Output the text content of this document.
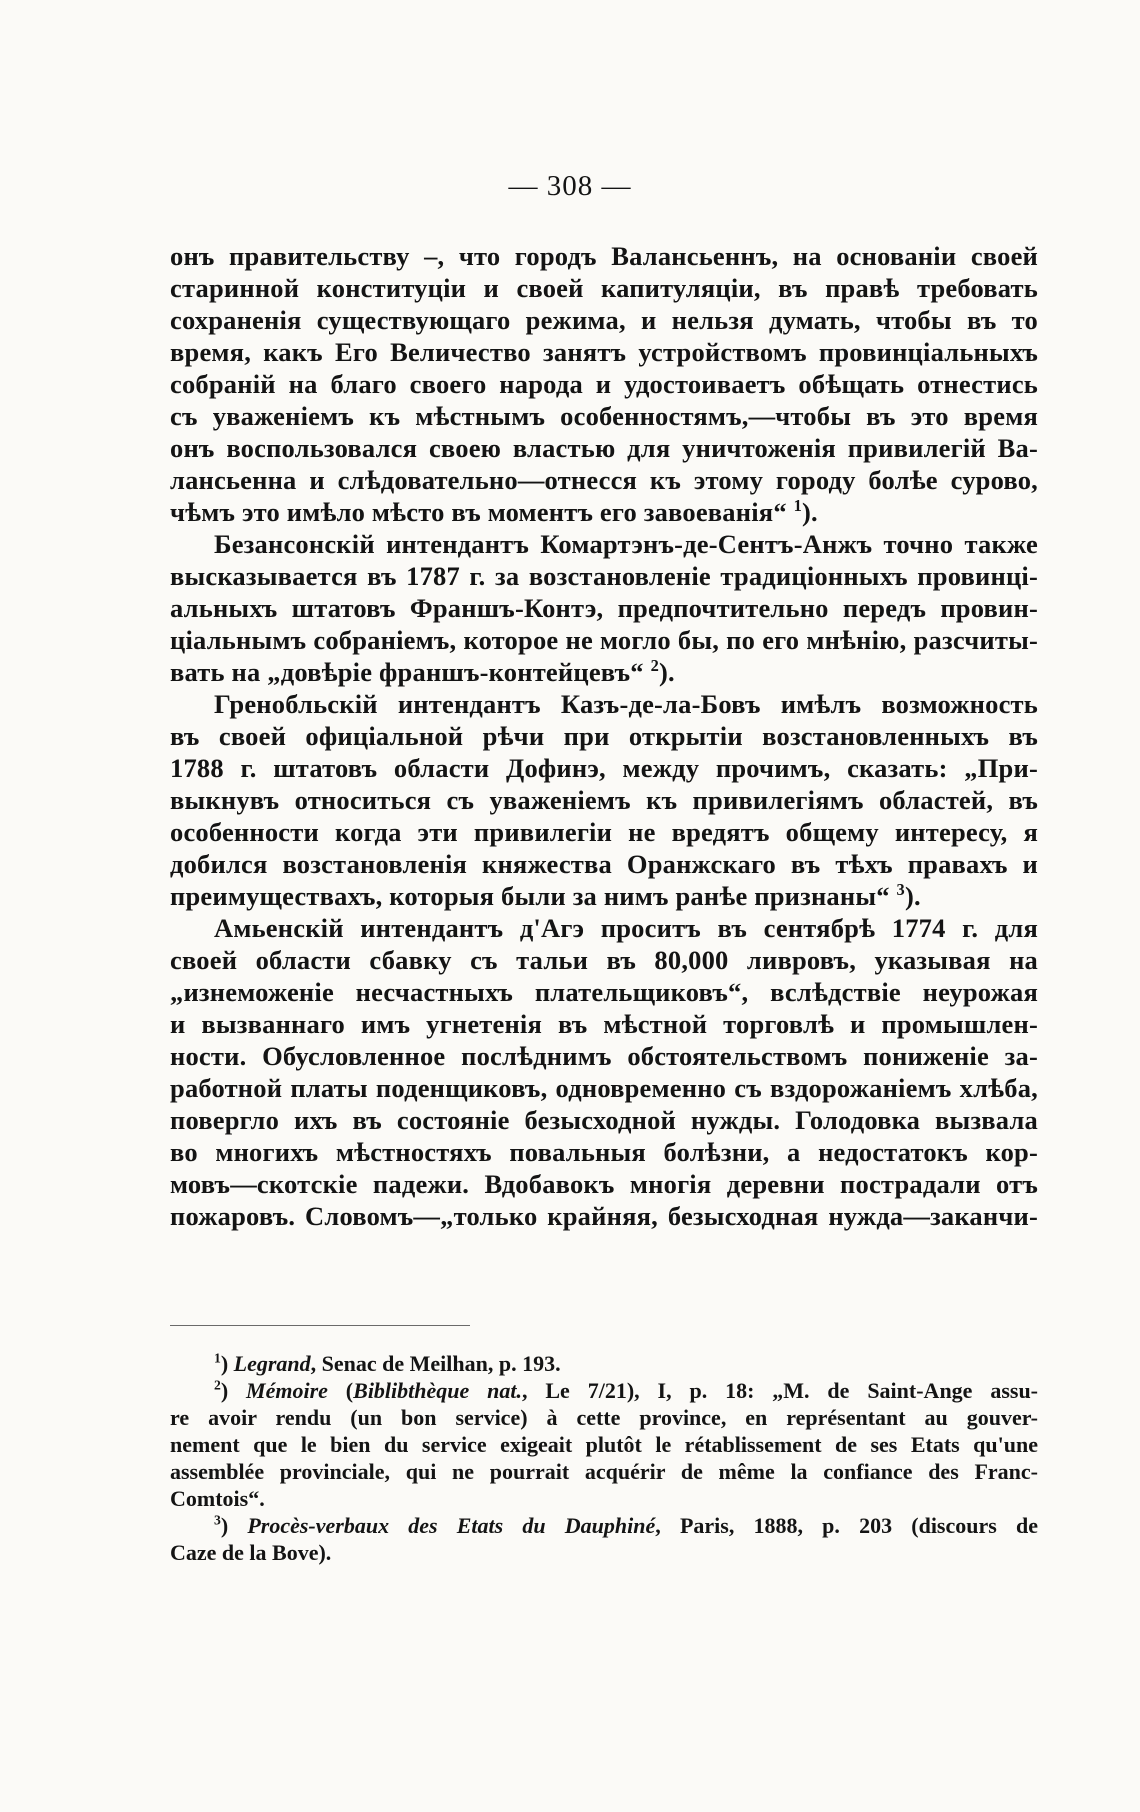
— 308 —
онъ правительству –, что городъ Валансьеннъ, на основаніи своей
старинной конституціи и своей капитуляціи, въ правѣ требовать
сохраненія существующаго режима, и нельзя думать, чтобы въ то
время, какъ Его Величество занятъ устройствомъ провинціальныхъ
собраній на благо своего народа и удостоиваетъ обѣщать отнестись
съ уваженіемъ къ мѣстнымъ особенностямъ,—чтобы въ это время
онъ воспользовался своею властью для уничтоженія привилегій Ва-
лансьенна и слѣдовательно—отнесся къ этому городу болѣе сурово,
чѣмъ это имѣло мѣсто въ моментъ его завоеванія“ $^1$).
Безансонскій интендантъ Комартэнъ-де-Сентъ-Анжъ точно также
высказывается въ 1787 г. за возстановленіе традиціонныхъ провинці-
альныхъ штатовъ Франшъ-Контэ, предпочтительно передъ провин-
ціальнымъ собраніемъ, которое не могло бы, по его мнѣнію, разсчиты-
вать на „довѣріе франшъ-контейцевъ“ $^2$).
Гренобльскій интендантъ Казъ-де-ла-Бовъ имѣлъ возможность
въ своей офиціальной рѣчи при открытіи возстановленныхъ въ
1788 г. штатовъ области Дофинэ, между прочимъ, сказать: „При-
выкнувъ относиться съ уваженіемъ къ привилегіямъ областей, въ
особенности когда эти привилегіи не вредятъ общему интересу, я
добился возстановленія княжества Оранжскаго въ тѣхъ правахъ и
преимуществахъ, которыя были за нимъ ранѣе признаны“ $^3$).
Амьенскій интендантъ д'Агэ проситъ въ сентябрѣ 1774 г. для
своей области сбавку съ тальи въ 80,000 ливровъ, указывая на
„изнеможеніе несчастныхъ плательщиковъ“, вслѣдствіе неурожая
и вызваннаго имъ угнетенія въ мѣстной торговлѣ и промышлен-
ности. Обусловленное послѣднимъ обстоятельствомъ пониженіе за-
работной платы поденщиковъ, одновременно съ вздорожаніемъ хлѣба,
повергло ихъ въ состояніе безысходной нужды. Голодовка вызвала
во многихъ мѣстностяхъ повальныя болѣзни, а недостатокъ кор-
мовъ—скотскіе падежи. Вдобавокъ многія деревни пострадали отъ
пожаровъ. Словомъ—„только крайняя, безысходная нужда—заканчи-
$^1$) Legrand, Senac de Meilhan, p. 193.
$^2$) Mémoire (Biblibthèque nat., Le 7/21), I, p. 18: „M. de Saint-Ange assu-
re avoir rendu (un bon service) à cette province, en représentant au gouver-
nement que le bien du service exigeait plutôt le rétablissement de ses Etats qu'une
assemblée provinciale, qui ne pourrait acquérir de même la confiance des Franc-
Comtois“.
$^3$) Procès-verbaux des Etats du Dauphiné, Paris, 1888, p. 203 (discours de
Caze de la Bove).
